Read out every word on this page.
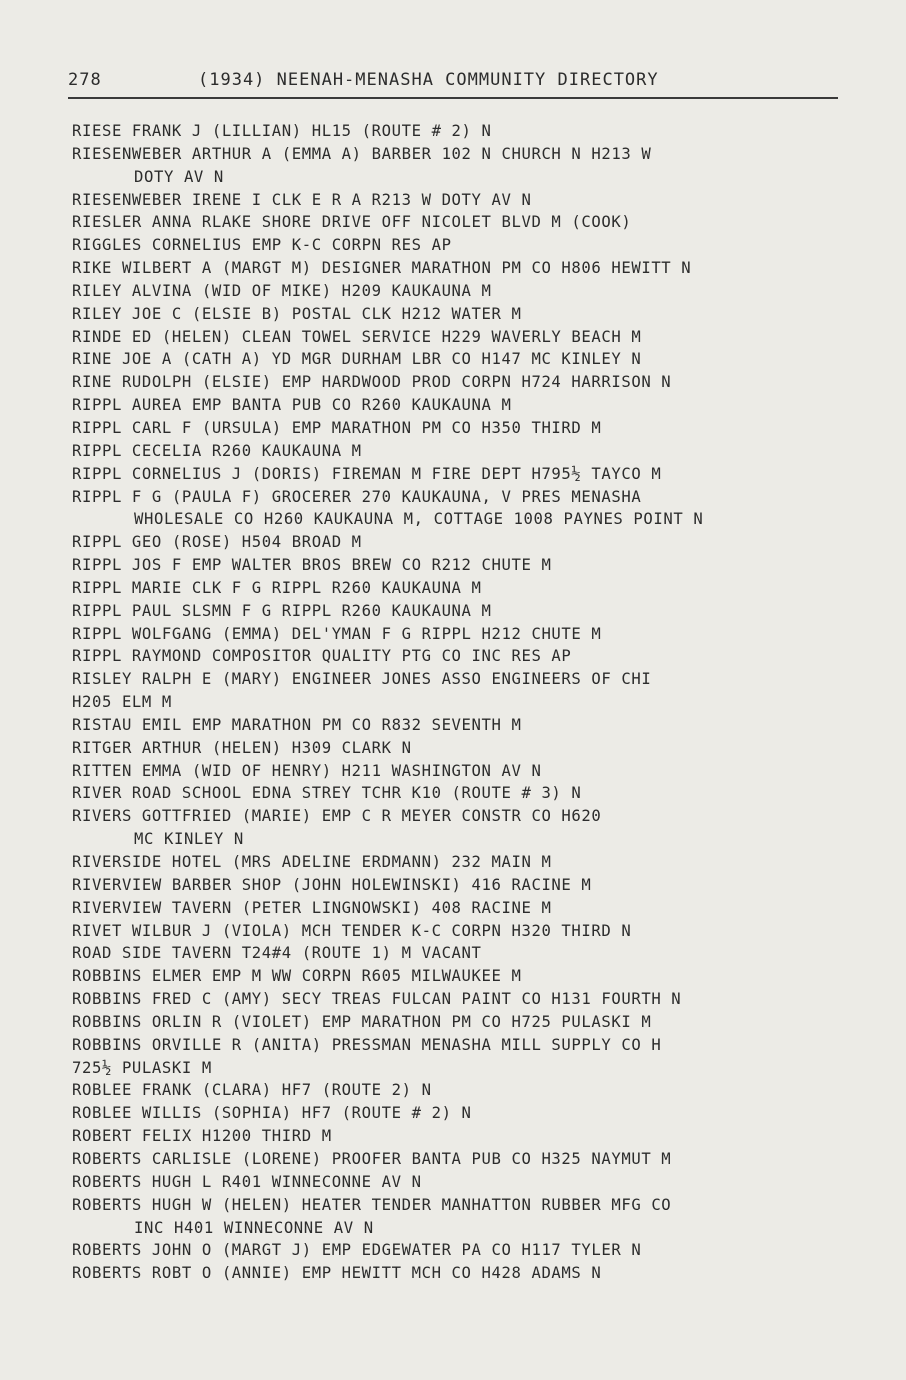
278	(1934) NEENAH-MENASHA COMMUNITY DIRECTORY
RIESE FRANK J (LILLIAN) HL15 (ROUTE # 2) N
RIESENWEBER ARTHUR A (EMMA A) BARBER 102 N CHURCH N H213 W
DOTY AV N
RIESENWEBER IRENE I CLK E R A R213 W DOTY AV N
RIESLER ANNA RLAKE SHORE DRIVE OFF NICOLET BLVD M (COOK)
RIGGLES CORNELIUS EMP K-C CORPN RES AP
RIKE WILBERT A (MARGT M) DESIGNER MARATHON PM CO H806 HEWITT N
RILEY ALVINA (WID OF MIKE) H209 KAUKAUNA M
RILEY JOE C (ELSIE B) POSTAL CLK H212 WATER M
RINDE ED (HELEN) CLEAN TOWEL SERVICE H229 WAVERLY BEACH M
RINE JOE A (CATH A) YD MGR DURHAM LBR CO H147 MC KINLEY N
RINE RUDOLPH (ELSIE) EMP HARDWOOD PROD CORPN H724 HARRISON N
RIPPL AUREA EMP BANTA PUB CO R260 KAUKAUNA M
RIPPL CARL F (URSULA) EMP MARATHON PM CO H350 THIRD M
RIPPL CECELIA R260 KAUKAUNA M
RIPPL CORNELIUS J (DORIS) FIREMAN M FIRE DEPT H795½ TAYCO M
RIPPL F G (PAULA F) GROCERER 270 KAUKAUNA, V PRES MENASHA
WHOLESALE CO H260 KAUKAUNA M, COTTAGE 1008 PAYNES POINT N
RIPPL GEO (ROSE) H504 BROAD M
RIPPL JOS F EMP WALTER BROS BREW CO R212 CHUTE M
RIPPL MARIE CLK F G RIPPL R260 KAUKAUNA M
RIPPL PAUL SLSMN F G RIPPL R260 KAUKAUNA M
RIPPL WOLFGANG (EMMA) DEL'YMAN F G RIPPL H212 CHUTE M
RIPPL RAYMOND COMPOSITOR QUALITY PTG CO INC RES AP
RISLEY RALPH E (MARY) ENGINEER JONES ASSO ENGINEERS OF CHI
H205 ELM M
RISTAU EMIL EMP MARATHON PM CO R832 SEVENTH M
RITGER ARTHUR (HELEN) H309 CLARK N
RITTEN EMMA (WID OF HENRY) H211 WASHINGTON AV N
RIVER ROAD SCHOOL EDNA STREY TCHR K10 (ROUTE # 3) N
RIVERS GOTTFRIED (MARIE) EMP C R MEYER CONSTR CO H620
MC KINLEY N
RIVERSIDE HOTEL (MRS ADELINE ERDMANN) 232 MAIN M
RIVERVIEW BARBER SHOP (JOHN HOLEWINSKI) 416 RACINE M
RIVERVIEW TAVERN (PETER LINGNOWSKI) 408 RACINE M
RIVET WILBUR J (VIOLA) MCH TENDER K-C CORPN H320 THIRD N
ROAD SIDE TAVERN T24#4 (ROUTE 1) M VACANT
ROBBINS ELMER EMP M WW CORPN R605 MILWAUKEE M
ROBBINS FRED C (AMY) SECY TREAS FULCAN PAINT CO H131 FOURTH N
ROBBINS ORLIN R (VIOLET) EMP MARATHON PM CO H725 PULASKI M
ROBBINS ORVILLE R (ANITA) PRESSMAN MENASHA MILL SUPPLY CO H
725½ PULASKI M
ROBLEE FRANK (CLARA) HF7 (ROUTE 2) N
ROBLEE WILLIS (SOPHIA) HF7 (ROUTE # 2) N
ROBERT FELIX H1200 THIRD M
ROBERTS CARLISLE (LORENE) PROOFER BANTA PUB CO H325 NAYMUT M
ROBERTS HUGH L R401 WINNECONNE AV N
ROBERTS HUGH W (HELEN) HEATER TENDER MANHATTON RUBBER MFG CO
INC H401 WINNECONNE AV N
ROBERTS JOHN O (MARGT J) EMP EDGEWATER PA CO H117 TYLER N
ROBERTS ROBT O (ANNIE) EMP HEWITT MCH CO H428 ADAMS N
